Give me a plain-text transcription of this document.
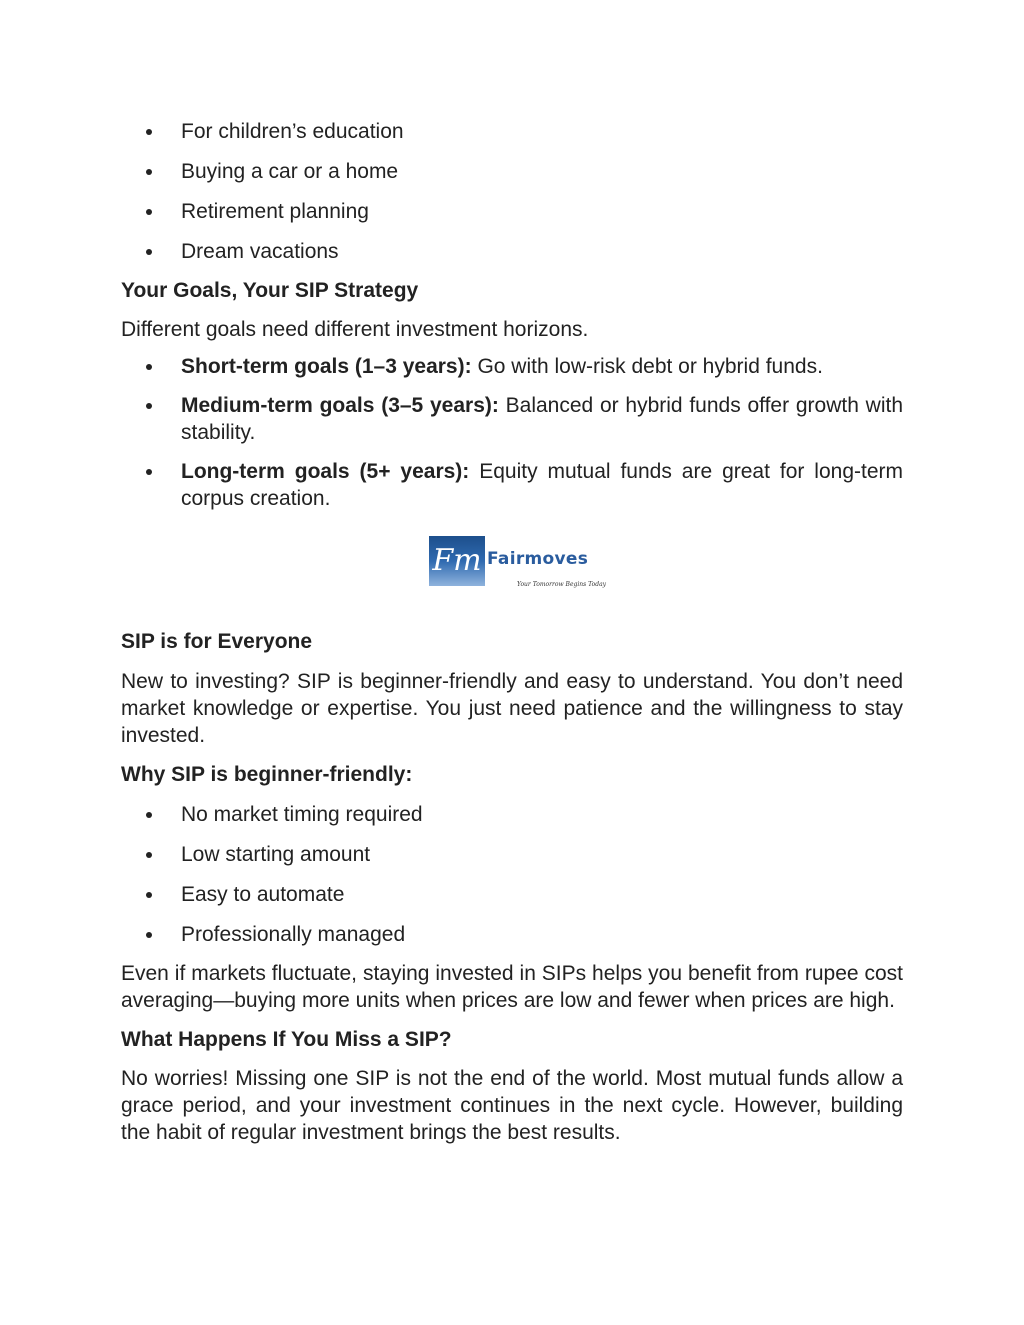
For children’s education
Buying a car or a home
Retirement planning
Dream vacations
Your Goals, Your SIP Strategy

Different goals need different investment horizons.

Short-term goals (1–3 years): Go with low-risk debt or hybrid funds.
Medium-term goals (3–5 years): Balanced or hybrid funds offer growth with stability.
Long-term goals (5+ years): Equity mutual funds are great for long-term corpus creation.
Fm Fairmoves
Your Tomorrow Begins Today
SIP is for Everyone

New to investing? SIP is beginner-friendly and easy to understand. You don’t need market knowledge or expertise. You just need patience and the willingness to stay invested.

Why SIP is beginner-friendly:
No market timing required
Low starting amount
Easy to automate
Professionally managed

Even if markets fluctuate, staying invested in SIPs helps you benefit from rupee cost averaging—buying more units when prices are low and fewer when prices are high.

What Happens If You Miss a SIP?

No worries! Missing one SIP is not the end of the world. Most mutual funds allow a grace period, and your investment continues in the next cycle. However, building the habit of regular investment brings the best results.
